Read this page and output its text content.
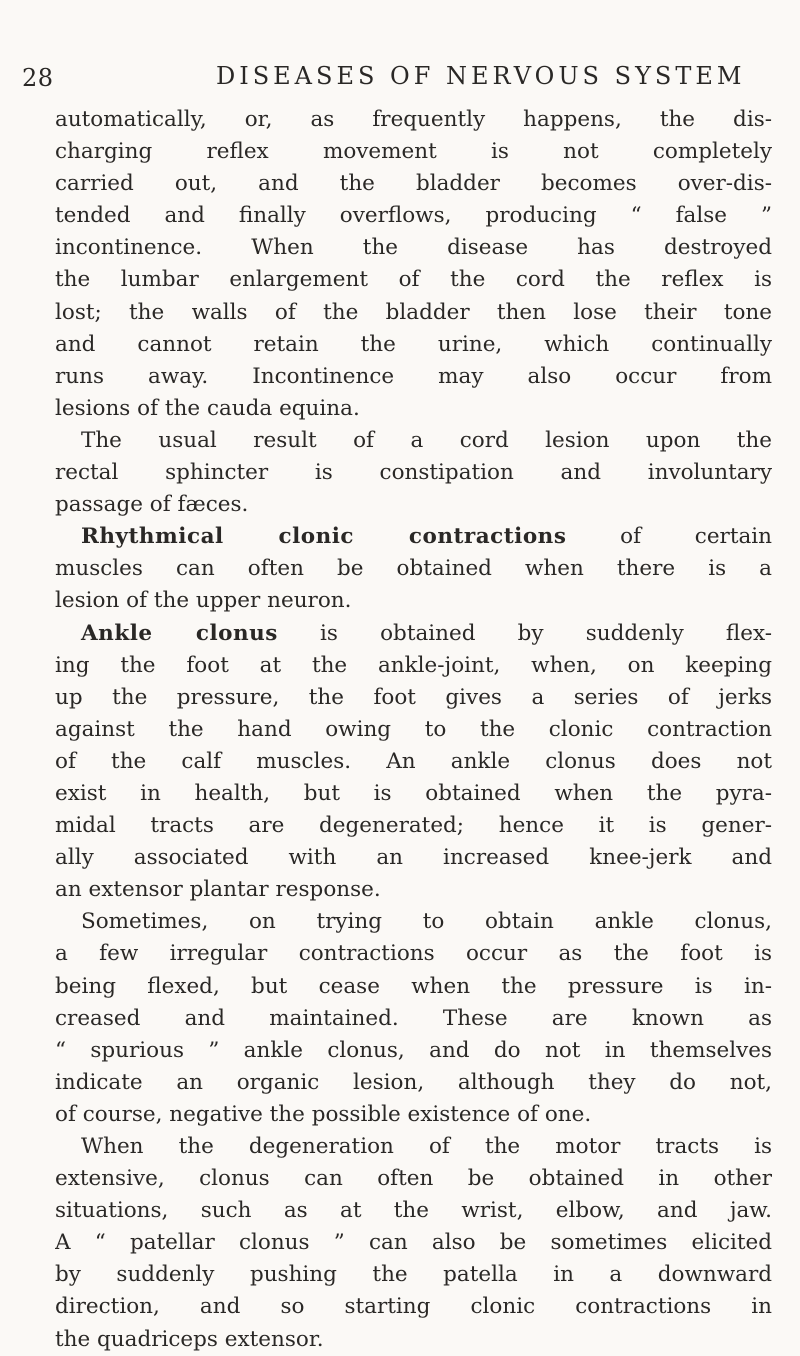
28	DISEASES OF NERVOUS SYSTEM
automatically, or, as frequently happens, the dis-
charging reflex movement is not completely
carried out, and the bladder becomes over-dis-
tended and finally overflows, producing “ false ”
incontinence. When the disease has destroyed
the lumbar enlargement of the cord the reflex is
lost; the walls of the bladder then lose their tone
and cannot retain the urine, which continually
runs away. Incontinence may also occur from
lesions of the cauda equina.
The usual result of a cord lesion upon the
rectal sphincter is constipation and involuntary
passage of fæces.
Rhythmical clonic contractions of certain
muscles can often be obtained when there is a
lesion of the upper neuron.
Ankle clonus is obtained by suddenly flex-
ing the foot at the ankle-joint, when, on keeping
up the pressure, the foot gives a series of jerks
against the hand owing to the clonic contraction
of the calf muscles. An ankle clonus does not
exist in health, but is obtained when the pyra-
midal tracts are degenerated; hence it is gener-
ally associated with an increased knee-jerk and
an extensor plantar response.
Sometimes, on trying to obtain ankle clonus,
a few irregular contractions occur as the foot is
being flexed, but cease when the pressure is in-
creased and maintained. These are known as
“ spurious ” ankle clonus, and do not in themselves
indicate an organic lesion, although they do not,
of course, negative the possible existence of one.
When the degeneration of the motor tracts is
extensive, clonus can often be obtained in other
situations, such as at the wrist, elbow, and jaw.
A “ patellar clonus ” can also be sometimes elicited
by suddenly pushing the patella in a downward
direction, and so starting clonic contractions in
the quadriceps extensor.
